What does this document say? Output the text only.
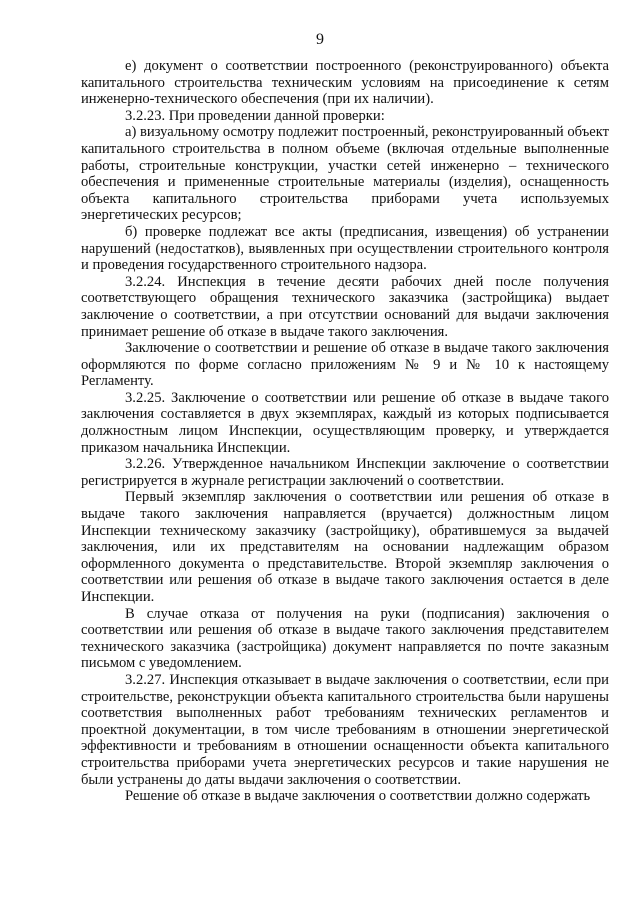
9

е) документ о соответствии построенного (реконструированного) объекта капитального строительства техническим условиям на присоединение к сетям инженерно-технического обеспечения (при их наличии).

3.2.23. При проведении данной проверки:

а) визуальному осмотру подлежит построенный, реконструированный объект капитального строительства в полном объеме (включая отдельные выполненные работы, строительные конструкции, участки сетей инженерно – технического обеспечения и примененные строительные материалы (изделия), оснащенность объекта капитального строительства приборами учета используемых энергетических ресурсов;

б) проверке подлежат все акты (предписания, извещения) об устранении нарушений (недостатков), выявленных при осуществлении строительного контроля и проведения государственного строительного надзора.

3.2.24. Инспекция в течение десяти рабочих дней после получения соответствующего обращения технического заказчика (застройщика) выдает заключение о соответствии, а при отсутствии оснований для выдачи заключения принимает решение об отказе в выдаче такого заключения.

Заключение о соответствии и решение об отказе в выдаче такого заключения оформляются по форме согласно приложениям № 9 и № 10 к настоящему Регламенту.

3.2.25. Заключение о соответствии или решение об отказе в выдаче такого заключения составляется в двух экземплярах, каждый из которых подписывается должностным лицом Инспекции, осуществляющим проверку, и утверждается приказом начальника Инспекции.

3.2.26. Утвержденное начальником Инспекции заключение о соответствии регистрируется в журнале регистрации заключений о соответствии.

Первый экземпляр заключения о соответствии или решения об отказе в выдаче такого заключения направляется (вручается) должностным лицом Инспекции техническому заказчику (застройщику), обратившемуся за выдачей заключения, или их представителям на основании надлежащим образом оформленного документа о представительстве. Второй экземпляр заключения о соответствии или решения об отказе в выдаче такого заключения остается в деле Инспекции.

В случае отказа от получения на руки (подписания) заключения о соответствии или решения об отказе в выдаче такого заключения представителем технического заказчика (застройщика) документ направляется по почте заказным письмом с уведомлением.

3.2.27. Инспекция отказывает в выдаче заключения о соответствии, если при строительстве, реконструкции объекта капитального строительства были нарушены соответствия выполненных работ требованиям технических регламентов и проектной документации, в том числе требованиям в отношении энергетической эффективности и требованиям в отношении оснащенности объекта капитального строительства приборами учета энергетических ресурсов и такие нарушения не были устранены до даты выдачи заключения о соответствии.

Решение об отказе в выдаче заключения о соответствии должно содержать
